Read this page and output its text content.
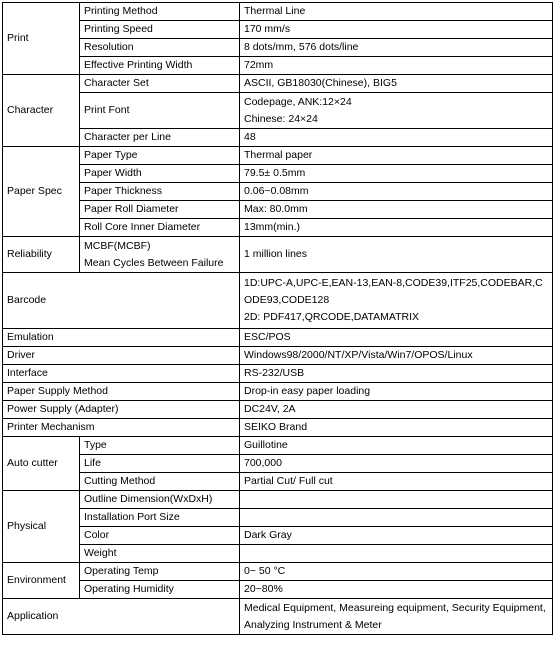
Print	Printing Method	Thermal Line

	Printing Speed	170 mm/s

	Resolution	8 dots/mm, 576 dots/line

	Effective Printing Width	72mm

Character	Character Set	ASCII, GB18030(Chinese), BIG5

	Print Font	Codepage, ANK:12×24
Chinese: 24×24

	Character per Line	48

Paper Spec	Paper Type	Thermal paper

	Paper Width	79.5± 0.5mm

	Paper Thickness	0.06~0.08mm

	Paper Roll Diameter	Max: 80.0mm

	Roll Core Inner Diameter	13mm(min.)

Reliability	MCBF(MCBF)
Mean Cycles Between Failure	1 million lines

Barcode		1D:UPC-A,UPC-E,EAN-13,EAN-8,CODE39,ITF25,CODEBAR,CODE93,CODE128
2D: PDF417,QRCODE,DATAMATRIX

Emulation		ESC/POS

Driver		Windows98/2000/NT/XP/Vista/Win7/OPOS/Linux

Interface		RS-232/USB

Paper Supply Method		Drop-in easy paper loading

Power Supply (Adapter)		DC24V, 2A

Printer Mechanism		SEIKO Brand

Auto cutter	Type	Guillotine

	Life	700,000

	Cutting Method	Partial Cut/ Full cut

Physical	Outline Dimension(WxDxH)	

	Installation Port Size	

	Color	Dark Gray

	Weight	

Environment	Operating Temp	0~ 50 °C

	Operating Humidity	20~80%

Application		Medical Equipment, Measureing equipment, Security Equipment, Analyzing Instrument & Meter
